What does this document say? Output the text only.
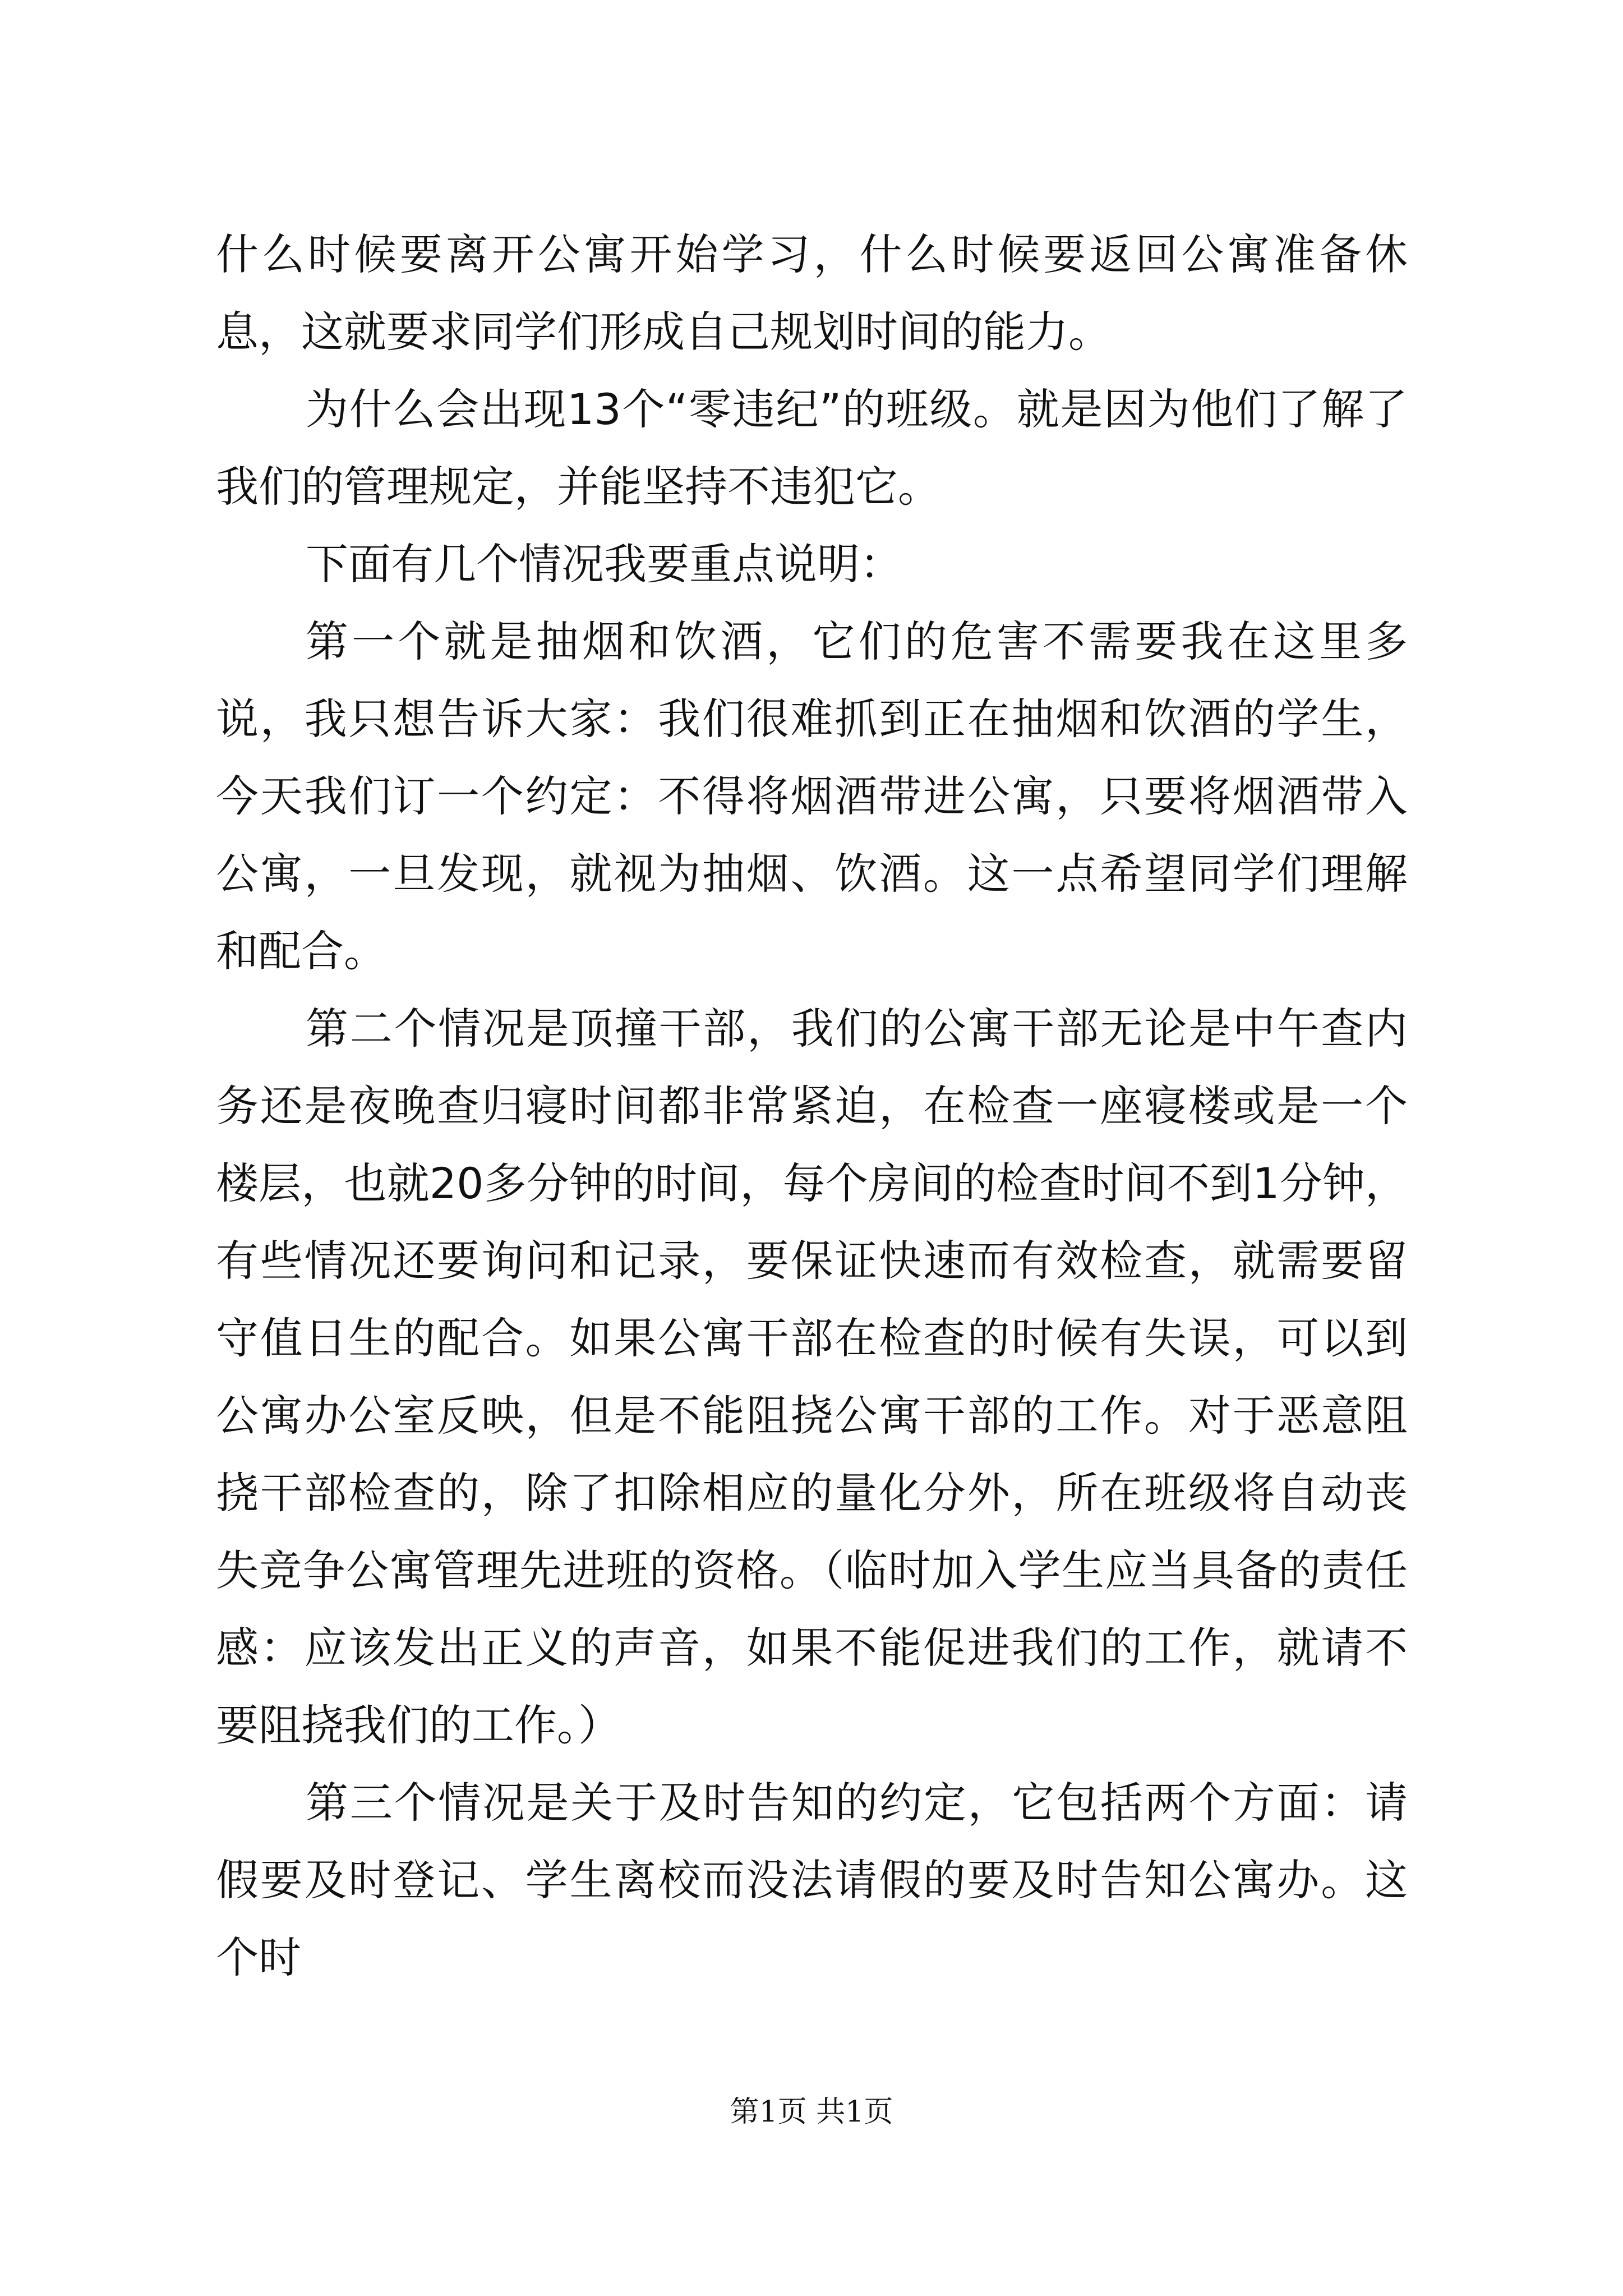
什么时候要离开公寓开始学习，什么时候要返回公寓准备休息，这就要求同学们形成自己规划时间的能力。

为什么会出现13个“零违纪”的班级。就是因为他们了解了我们的管理规定，并能坚持不违犯它。

下面有几个情况我要重点说明：

第一个就是抽烟和饮酒，它们的危害不需要我在这里多说，我只想告诉大家：我们很难抓到正在抽烟和饮酒的学生，今天我们订一个约定：不得将烟酒带进公寓，只要将烟酒带入公寓，一旦发现，就视为抽烟、饮酒。这一点希望同学们理解和配合。

第二个情况是顶撞干部，我们的公寓干部无论是中午查内务还是夜晚查归寝时间都非常紧迫，在检查一座寝楼或是一个楼层，也就20多分钟的时间，每个房间的检查时间不到1分钟，有些情况还要询问和记录，要保证快速而有效检查，就需要留守值日生的配合。如果公寓干部在检查的时候有失误，可以到公寓办公室反映，但是不能阻挠公寓干部的工作。对于恶意阻挠干部检查的，除了扣除相应的量化分外，所在班级将自动丧失竞争公寓管理先进班的资格。（临时加入学生应当具备的责任感：应该发出正义的声音，如果不能促进我们的工作，就请不要阻挠我们的工作。）

第三个情况是关于及时告知的约定，它包括两个方面：请假要及时登记、学生离校而没法请假的要及时告知公寓办。这个时

第1页 共1页
